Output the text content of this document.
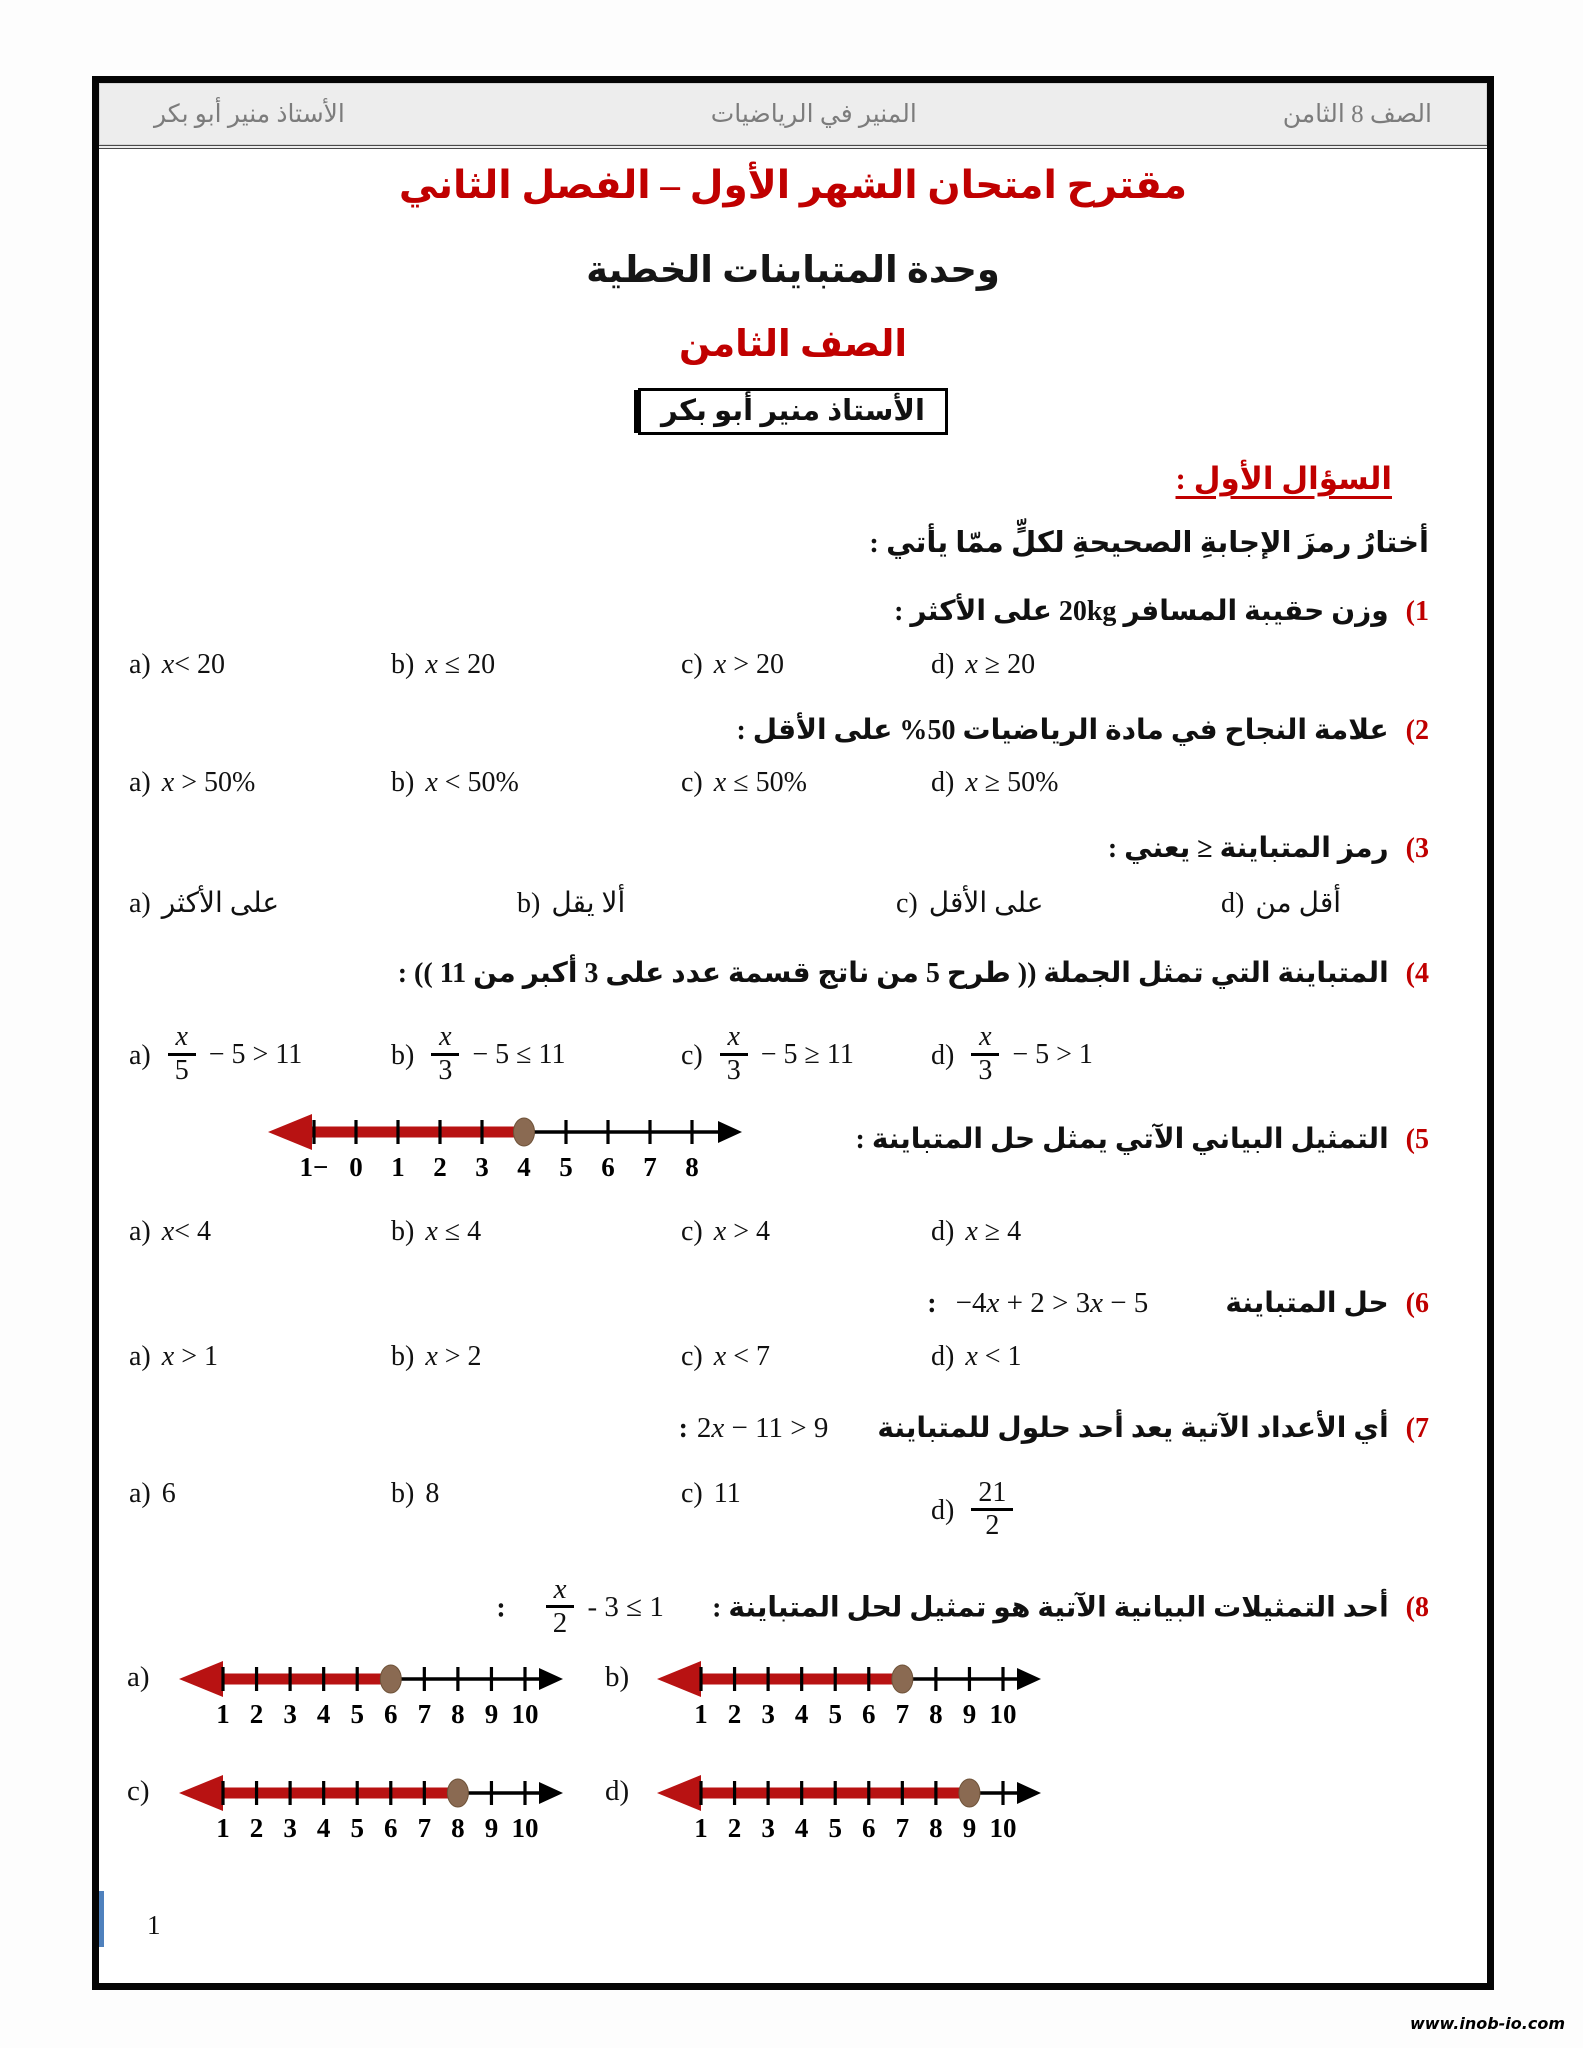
الأستاذ منير أبو بكر	المنير في الرياضيات	الصف 8 الثامن
مقترح امتحان الشهر الأول – الفصل الثاني
وحدة المتباينات الخطية
الصف الثامن
الأستاذ منير أبو بكر
السؤال الأول :
أختارُ رمزَ الإجابةِ الصحيحةِ لكلٍّ ممّا يأتي :
1) وزن حقيبة المسافر 20kg على الأكثر :
a) x< 20	b) x ≤ 20	c) x > 20	d) x ≥ 20
2) علامة النجاح في مادة الرياضيات 50% على الأقل :
a) x > 50%	b) x < 50%	c) x ≤ 50%	d) x ≥ 50%
3) رمز المتباينة ≤ يعني :
a) على الأكثر	b) ألا يقل	c) على الأقل	d) أقل من
4) المتباينة التي تمثل الجملة (( طرح 5 من ناتج قسمة عدد على 3 أكبر من 11 )) :
$a) \frac{x}{5} - 5 > 11$	$b) \frac{x}{3} - 5 \le 11$	$c) \frac{x}{3} - 5 \ge 11$	$d) \frac{x}{3} - 5 > 1$
5) التمثيل البياني الآتي يمثل حل المتباينة :
−1 0 1 2 3 4 5 6 7 8
a) x< 4	b) x ≤ 4	c) x > 4	d) x ≥ 4
6) حل المتباينة −4x + 2 > 3x − 5 :
a) x > 1	b) x > 2	c) x < 7	d) x < 1
7) أي الأعداد الآتية يعد أحد حلول للمتباينة 2x − 11 > 9 :
a) 6	b) 8	c) 11
$d) \frac{21}{2}$
8) أحد التمثيلات البيانية الآتية هو تمثيل لحل المتباينة :
$\frac{x}{2} - 3 \le 1$ :
a)
1 2 3 4 5 6 7 8 9 10
b)
1 2 3 4 5 6 7 8 9 10
c)
1 2 3 4 5 6 7 8 9 10
d)
1 2 3 4 5 6 7 8 9 10
1
www.inob-io.com
